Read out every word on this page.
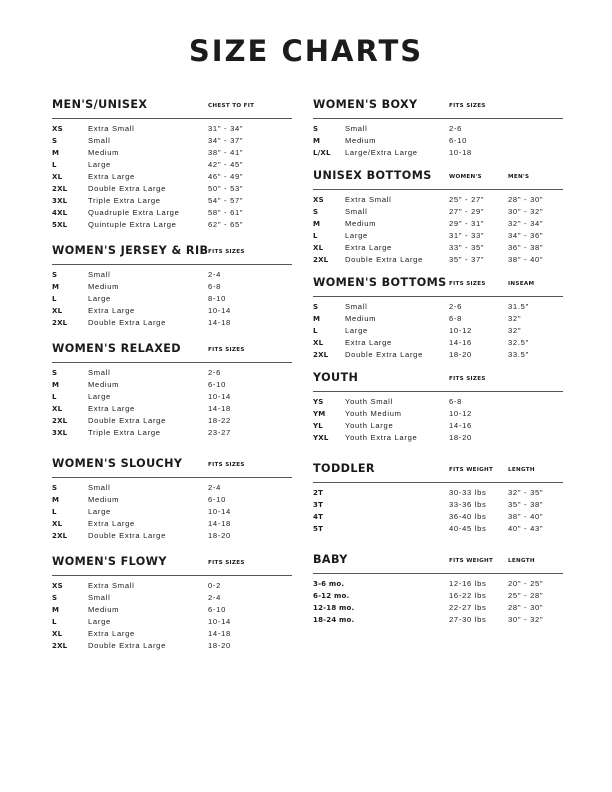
SIZE CHARTS
MEN'S/UNISEX	CHEST TO FIT
XS	Extra Small	31" - 34"
S	Small	34" - 37"
M	Medium	38" - 41"
L	Large	42" - 45"
XL	Extra Large	46" - 49"
2XL	Double Extra Large	50" - 53"
3XL	Triple Extra Large	54" - 57"
4XL	Quadruple Extra Large	58" - 61"
5XL	Quintuple Extra Large	62" - 65"
WOMEN'S JERSEY & RIB FITS SIZES
S	Small	2-4
M	Medium	6-8
L	Large	8-10
XL	Extra Large	10-14
2XL	Double Extra Large	14-18
WOMEN'S RELAXED	FITS SIZES
S	Small	2-6
M	Medium	6-10
L	Large	10-14
XL	Extra Large	14-18
2XL	Double Extra Large	18-22
3XL	Triple Extra Large	23-27
WOMEN'S SLOUCHY	FITS SIZES
S	Small	2-4
M	Medium	6-10
L	Large	10-14
XL	Extra Large	14-18
2XL	Double Extra Large	18-20
WOMEN'S FLOWY	FITS SIZES
XS	Extra Small	0-2
S	Small	2-4
M	Medium	6-10
L	Large	10-14
XL	Extra Large	14-18
2XL	Double Extra Large	18-20
WOMEN'S BOXY	FITS SIZES
S	Small	2-6
M	Medium	6-10
L/XL Large/Extra Large	10-18
UNISEX BOTTOMS	WOMEN'S	MEN'S
XS	Extra Small	25" - 27"	28" - 30"
S	Small	27" - 29"	30" - 32"
M	Medium	29" - 31"	32" - 34"
L	Large	31" - 33"	34" - 36"
XL	Extra Large	33" - 35"	36" - 38"
2XL Double Extra Large	35" - 37"	38" - 40"
WOMEN'S BOTTOMS FITS SIZES	INSEAM
S	Small	2-6	31.5"
M	Medium	6-8	32"
L	Large	10-12	32"
XL	Extra Large	14-16	32.5"
2XL Double Extra Large	18-20	33.5"
YOUTH	FITS SIZES
YS	Youth Small	6-8
YM	Youth Medium	10-12
YL	Youth Large	14-16
YXL Youth Extra Large	18-20
TODDLER	FITS WEIGHT	LENGTH
2T	30-33 lbs	32" - 35"
3T	33-36 lbs	35" - 38"
4T	36-40 lbs	38" - 40"
5T	40-45 lbs	40" - 43"
BABY	FITS WEIGHT	LENGTH
3-6 mo.	12-16 lbs	20" - 25"
6-12 mo.	16-22 lbs	25" - 28"
12-18 mo.	22-27 lbs	28" - 30"
18-24 mo.	27-30 lbs	30" - 32"
